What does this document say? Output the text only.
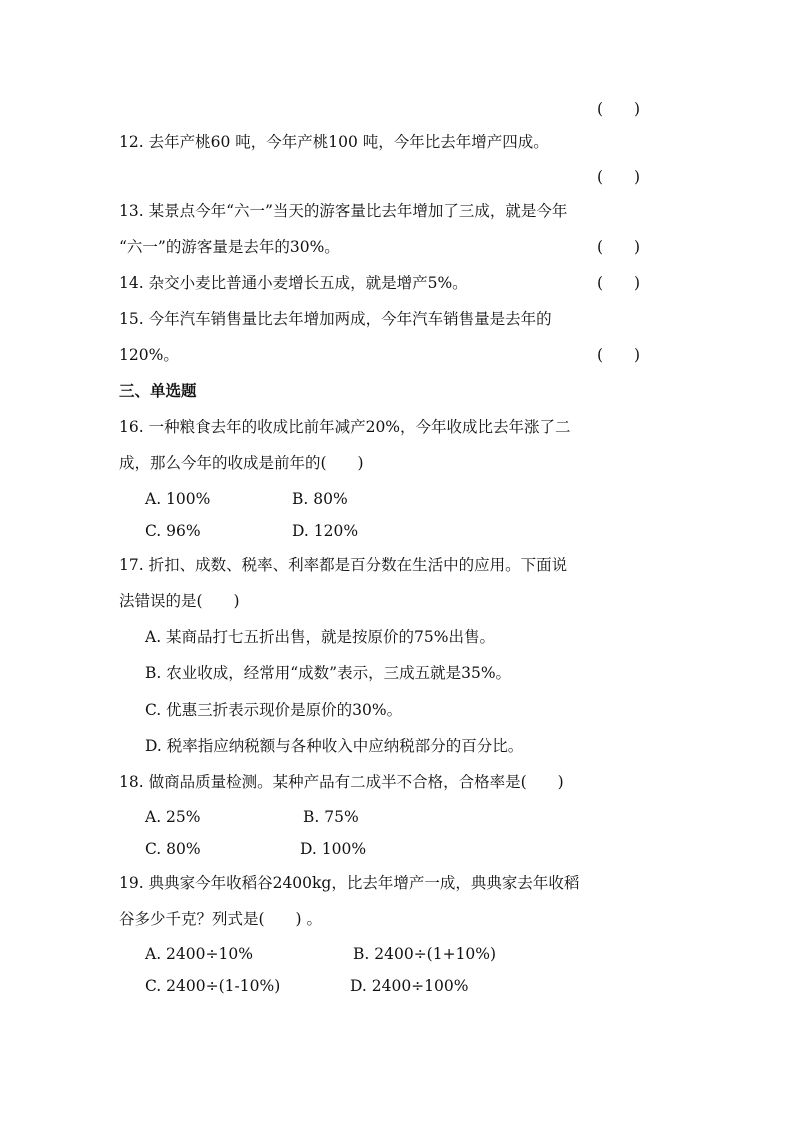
(　　)
12. 去年产桃60 吨，今年产桃100 吨，今年比去年增产四成。
(　　)
13. 某景点今年“六一”当天的游客量比去年增加了三成，就是今年
“六一”的游客量是去年的30%。	(　　)
14. 杂交小麦比普通小麦增长五成，就是增产5%。	(　　)
15. 今年汽车销售量比去年增加两成，今年汽车销售量是去年的
120%。	(　　)
三、单选题
16. 一种粮食去年的收成比前年减产20%，今年收成比去年涨了二
成，那么今年的收成是前年的(　　)
A. 100%	B. 80%
C. 96%	D. 120%
17. 折扣、成数、税率、利率都是百分数在生活中的应用。下面说
法错误的是(　　)
A. 某商品打七五折出售，就是按原价的75%出售。
B. 农业收成，经常用“成数”表示，三成五就是35%。
C. 优惠三折表示现价是原价的30%。
D. 税率指应纳税额与各种收入中应纳税部分的百分比。
18. 做商品质量检测。某种产品有二成半不合格，合格率是(　　)
A. 25%	B. 75%
C. 80%	D. 100%
19. 典典家今年收稻谷2400kg，比去年增产一成，典典家去年收稻
谷多少千克？列式是(　　) 。
A. 2400÷10%	B. 2400÷(1+10%)
C. 2400÷(1-10%)	D. 2400÷100%
